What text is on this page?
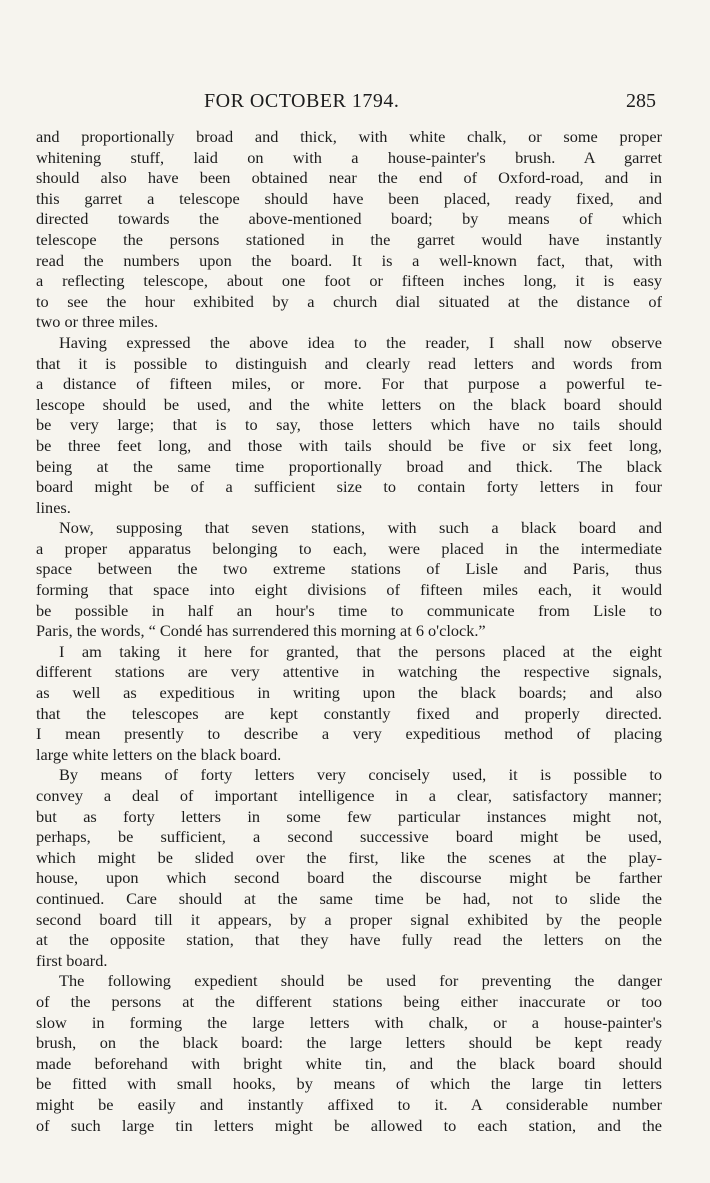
FOR OCTOBER 1794.	285
and proportionally broad and thick, with white chalk, or some proper
whitening stuff, laid on with a house-painter's brush. A garret
should also have been obtained near the end of Oxford-road, and in
this garret a telescope should have been placed, ready fixed, and
directed towards the above-mentioned board; by means of which
telescope the persons stationed in the garret would have instantly
read the numbers upon the board. It is a well-known fact, that, with
a reflecting telescope, about one foot or fifteen inches long, it is easy
to see the hour exhibited by a church dial situated at the distance of
two or three miles.
Having expressed the above idea to the reader, I shall now observe
that it is possible to distinguish and clearly read letters and words from
a distance of fifteen miles, or more. For that purpose a powerful te-
lescope should be used, and the white letters on the black board should
be very large; that is to say, those letters which have no tails should
be three feet long, and those with tails should be five or six feet long,
being at the same time proportionally broad and thick. The black
board might be of a sufficient size to contain forty letters in four
lines.
Now, supposing that seven stations, with such a black board and
a proper apparatus belonging to each, were placed in the intermediate
space between the two extreme stations of Lisle and Paris, thus
forming that space into eight divisions of fifteen miles each, it would
be possible in half an hour's time to communicate from Lisle to
Paris, the words, “ Condé has surrendered this morning at 6 o'clock.”
I am taking it here for granted, that the persons placed at the eight
different stations are very attentive in watching the respective signals,
as well as expeditious in writing upon the black boards; and also
that the telescopes are kept constantly fixed and properly directed.
I mean presently to describe a very expeditious method of placing
large white letters on the black board.
By means of forty letters very concisely used, it is possible to
convey a deal of important intelligence in a clear, satisfactory manner;
but as forty letters in some few particular instances might not,
perhaps, be sufficient, a second successive board might be used,
which might be slided over the first, like the scenes at the play-
house, upon which second board the discourse might be farther
continued. Care should at the same time be had, not to slide the
second board till it appears, by a proper signal exhibited by the people
at the opposite station, that they have fully read the letters on the
first board.
The following expedient should be used for preventing the danger
of the persons at the different stations being either inaccurate or too
slow in forming the large letters with chalk, or a house-painter's
brush, on the black board: the large letters should be kept ready
made beforehand with bright white tin, and the black board should
be fitted with small hooks, by means of which the large tin letters
might be easily and instantly affixed to it. A considerable number
of such large tin letters might be allowed to each station, and the
